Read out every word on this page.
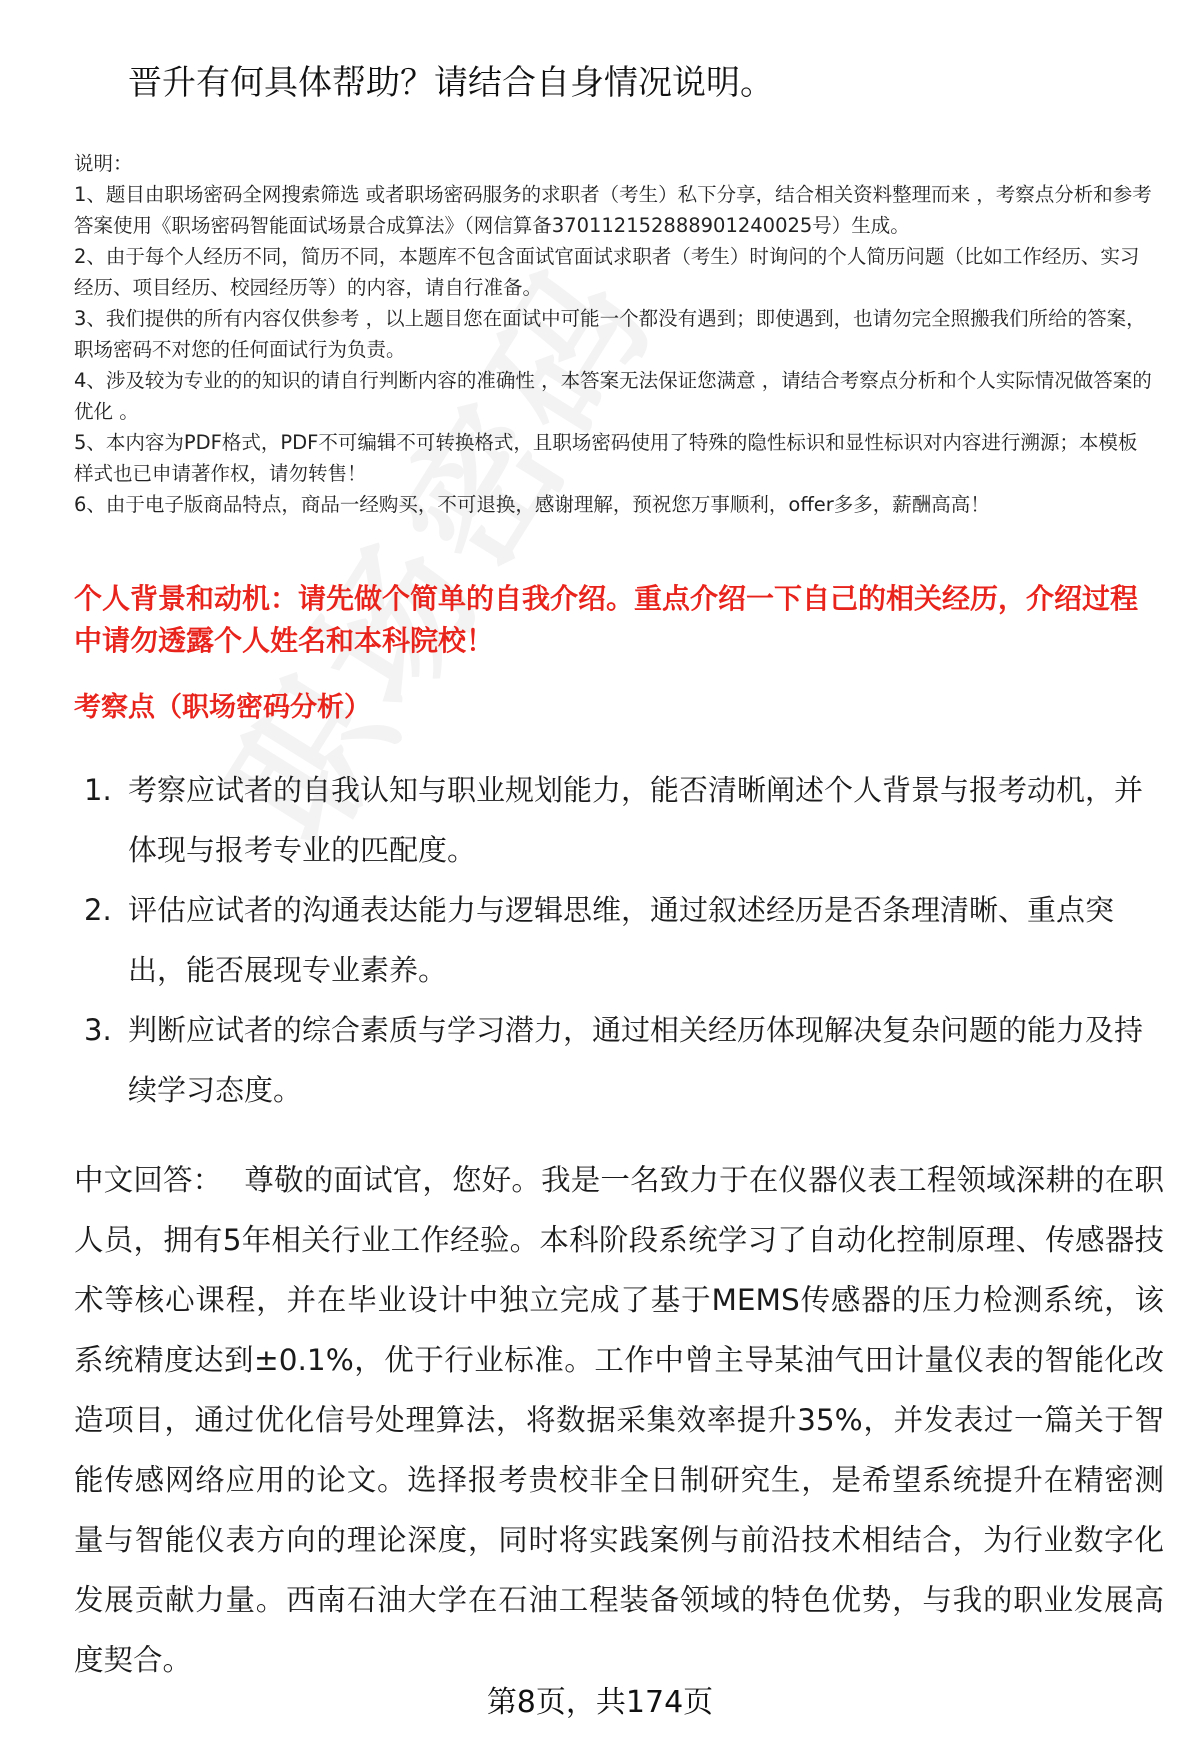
晋升有何具体帮助？请结合自身情况说明。

说明：

1、题目由职场密码全网搜索筛选 或者职场密码服务的求职者（考生）私下分享，结合相关资料整理而来 ，考察点分析和参考答案使用《职场密码智能面试场景合成算法》（网信算备370112152888901240025号）生成。

2、由于每个人经历不同，简历不同，本题库不包含面试官面试求职者（考生）时询问的个人简历问题（比如工作经历、实习经历、项目经历、校园经历等）的内容，请自行准备。

3、我们提供的所有内容仅供参考 ，以上题目您在面试中可能一个都没有遇到；即使遇到，也请勿完全照搬我们所给的答案，职场密码不对您的任何面试行为负责。

4、涉及较为专业的的知识的请自行判断内容的准确性 ，本答案无法保证您满意 ，请结合考察点分析和个人实际情况做答案的优化 。

5、本内容为PDF格式，PDF不可编辑不可转换格式，且职场密码使用了特殊的隐性标识和显性标识对内容进行溯源；本模板样式也已申请著作权，请勿转售！

6、由于电子版商品特点，商品一经购买，不可退换，感谢理解，预祝您万事顺利，offer多多，薪酬高高！

个人背景和动机：请先做个简单的自我介绍。重点介绍一下自己的相关经历，介绍过程中请勿透露个人姓名和本科院校！
考察点（职场密码分析）
1. 考察应试者的自我认知与职业规划能力，能否清晰阐述个人背景与报考动机，并体现与报考专业的匹配度。
2. 评估应试者的沟通表达能力与逻辑思维，通过叙述经历是否条理清晰、重点突出，能否展现专业素养。
3. 判断应试者的综合素质与学习潜力，通过相关经历体现解决复杂问题的能力及持续学习态度。

中文回答： 尊敬的面试官，您好。我是一名致力于在仪器仪表工程领域深耕的在职人员，拥有5年相关行业工作经验。本科阶段系统学习了自动化控制原理、传感器技术等核心课程，并在毕业设计中独立完成了基于MEMS传感器的压力检测系统，该系统精度达到±0.1%，优于行业标准。工作中曾主导某油气田计量仪表的智能化改造项目，通过优化信号处理算法，将数据采集效率提升35%，并发表过一篇关于智能传感网络应用的论文。选择报考贵校非全日制研究生，是希望系统提升在精密测量与智能仪表方向的理论深度，同时将实践案例与前沿技术相结合，为行业数字化发展贡献力量。西南石油大学在石油工程装备领域的特色优势，与我的职业发展高度契合。

第8页，共174页
